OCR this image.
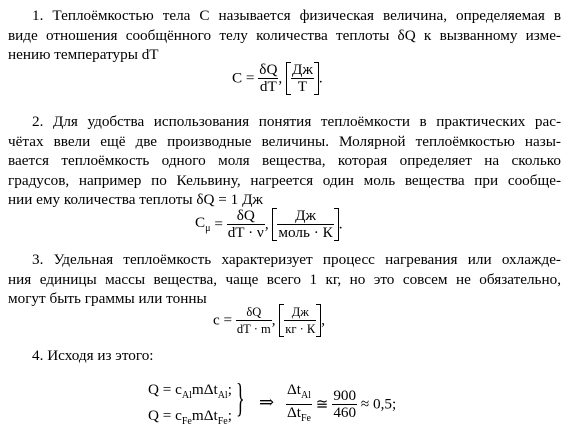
1. Теплоёмкостью тела С называется физическая величина, определяемая в
виде отношения сообщённого телу количества теплоты δQ к вызванному изме-
нению температуры dT
$C = \frac{\delta Q}{dT}$ , $\frac{Дж}{Т}$ .
2. Для удобства использования понятия теплоёмкости в практических рас-
чётах ввели ещё две производные величины. Молярной теплоёмкостью назы-
вается теплоёмкость одного моля вещества, которая определяет на сколько
градусов, например по Кельвину, нагреется один моль вещества при сообще-
нии ему количества теплоты δQ = 1 Дж
$C_\mu = \frac{\delta Q}{dT \cdot \nu}$ , $\frac{Дж}{\text{моль · К}}$ .
3. Удельная теплоёмкость характеризует процесс нагревания или охлажде-
ния единицы массы вещества, чаще всего 1 кг, но это совсем не обязательно,
могут быть граммы или тонны
$c = \frac{\delta Q}{dT \cdot m}$ , $\frac{Дж}{кг \cdot К}$ ,
4. Исходя из этого:
$Q = c_{Al}m\Delta t_{Al}$;
$Q = c_{Fe}m\Delta t_{Fe}$; } ⇒ $\frac{\Delta t_{Al}}{\Delta t_{Fe}}$ ≅ $\frac{900}{460} \approx 0,5$;
